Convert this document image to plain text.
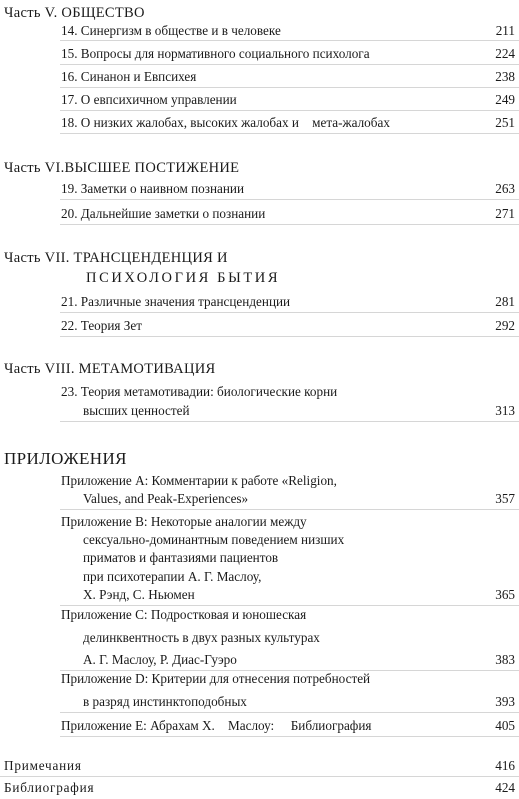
Часть V. ОБЩЕСТВО
14. Синергизм в обществе и в человеке	211
15. Вопросы для нормативного социального психолога	224
16. Синанон и Евпсихея	238
17. О евпсихичном управлении	249
18. О низких жалобах, высоких жалобах и    мета-жалобах	251
Часть VI.ВЫСШЕЕ ПОСТИЖЕНИЕ
19. Заметки о наивном познании	263
20. Дальнейшие заметки о познании	271
Часть VII. ТРАНСЦЕНДЕНЦИЯ И
ПСИХОЛОГИЯ БЫТИЯ
21. Различные значения трансценденции	281
22. Теория Зет	292
Часть VIII. МЕТАМОТИВАЦИЯ
23. Теория метамотивадии: биологические корни
высших ценностей	313
ПРИЛОЖЕНИЯ
Приложение А: Комментарии к работе «Religion,
Values, and Peak-Experiences»	357
Приложение В: Некоторые аналогии между
сексуально-доминантным поведением низших
приматов и фантазиями пациентов
при психотерапии А. Г. Маслоу,
Х. Рэнд, С. Ньюмен	365
Приложение С: Подростковая и юношеская
делинквентность в двух разных культурах
А. Г. Маслоу, Р. Диас-Гуэро	383
Приложение D: Критерии для отнесения потребностей
в разряд инстинктоподобных	393
Приложение Е: Абрахам Х.    Маслоу:     Библиография	405
Примечания	416
Библиография	424
